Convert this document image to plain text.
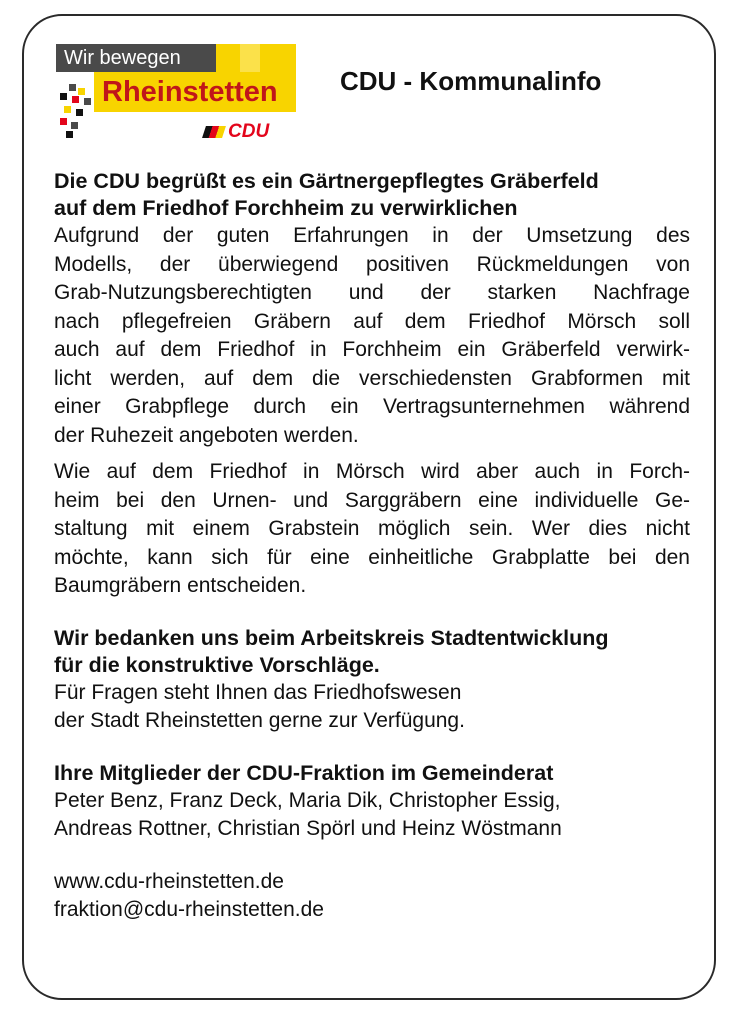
Wir bewegen
Rheinstetten
CDU
CDU - Kommunalinfo
Die CDU begrüßt es ein Gärtnergepflegtes Gräberfeld
auf dem Friedhof Forchheim zu verwirklichen
Aufgrund der guten Erfahrungen in der Umsetzung des
Modells, der überwiegend positiven Rückmeldungen von
Grab-Nutzungsberechtigten und der starken Nachfrage
nach pflegefreien Gräbern auf dem Friedhof Mörsch soll
auch auf dem Friedhof in Forchheim ein Gräberfeld verwirk-
licht werden, auf dem die verschiedensten Grabformen mit
einer Grabpflege durch ein Vertragsunternehmen während
der Ruhezeit angeboten werden.
Wie auf dem Friedhof in Mörsch wird aber auch in Forch-
heim bei den Urnen- und Sarggräbern eine individuelle Ge-
staltung mit einem Grabstein möglich sein. Wer dies nicht
möchte, kann sich für eine einheitliche Grabplatte bei den
Baumgräbern entscheiden.
Wir bedanken uns beim Arbeitskreis Stadtentwicklung
für die konstruktive Vorschläge.
Für Fragen steht Ihnen das Friedhofswesen
der Stadt Rheinstetten gerne zur Verfügung.
Ihre Mitglieder der CDU-Fraktion im Gemeinderat
Peter Benz, Franz Deck, Maria Dik, Christopher Essig,
Andreas Rottner, Christian Spörl und Heinz Wöstmann
www.cdu-rheinstetten.de
fraktion@cdu-rheinstetten.de
